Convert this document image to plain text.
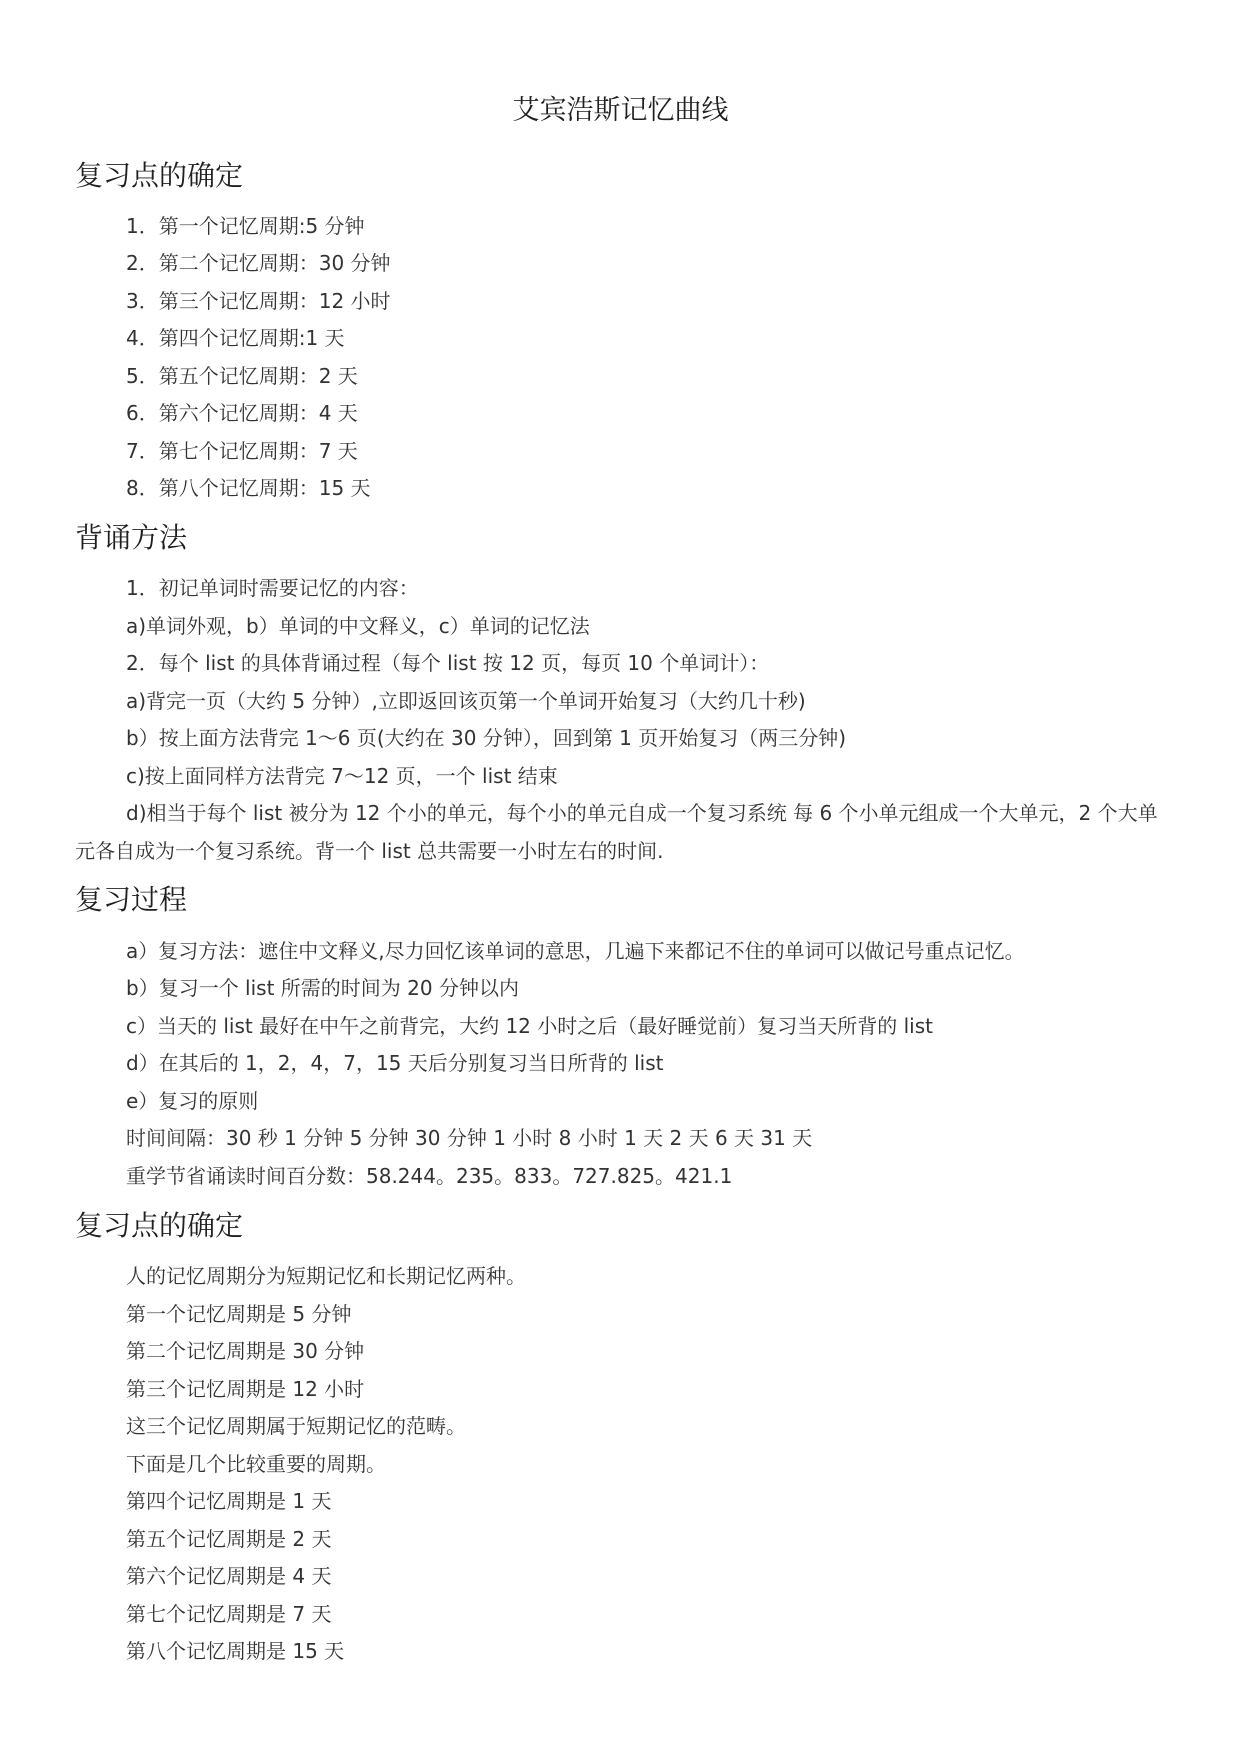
艾宾浩斯记忆曲线
复习点的确定

1．第一个记忆周期:5 分钟

2．第二个记忆周期：30 分钟

3．第三个记忆周期：12 小时

4．第四个记忆周期:1 天

5．第五个记忆周期：2 天

6．第六个记忆周期：4 天

7．第七个记忆周期：7 天

8．第八个记忆周期：15 天

背诵方法

1．初记单词时需要记忆的内容：

a)单词外观，b）单词的中文释义，c）单词的记忆法

2．每个 list 的具体背诵过程（每个 list 按 12 页，每页 10 个单词计）：

a)背完一页（大约 5 分钟）,立即返回该页第一个单词开始复习（大约几十秒)

b）按上面方法背完 1～6 页(大约在 30 分钟），回到第 1 页开始复习（两三分钟)

c)按上面同样方法背完 7～12 页，一个 list 结束

d)相当于每个 list 被分为 12 个小的单元，每个小的单元自成一个复习系统 每 6 个小单元组成一个大单元，2 个大单元各自成为一个复习系统。背一个 list 总共需要一小时左右的时间.

复习过程

a）复习方法：遮住中文释义,尽力回忆该单词的意思，几遍下来都记不住的单词可以做记号重点记忆。

b）复习一个 list 所需的时间为 20 分钟以内

c）当天的 list 最好在中午之前背完，大约 12 小时之后（最好睡觉前）复习当天所背的 list

d）在其后的 1，2，4，7，15 天后分别复习当日所背的 list

e）复习的原则

时间间隔：30 秒 1 分钟 5 分钟 30 分钟 1 小时 8 小时 1 天 2 天 6 天 31 天

重学节省诵读时间百分数：58.244。235。833。727.825。421.1

复习点的确定

人的记忆周期分为短期记忆和长期记忆两种。

第一个记忆周期是 5 分钟

第二个记忆周期是 30 分钟

第三个记忆周期是 12 小时

这三个记忆周期属于短期记忆的范畴。

下面是几个比较重要的周期。

第四个记忆周期是 1 天

第五个记忆周期是 2 天

第六个记忆周期是 4 天

第七个记忆周期是 7 天

第八个记忆周期是 15 天
